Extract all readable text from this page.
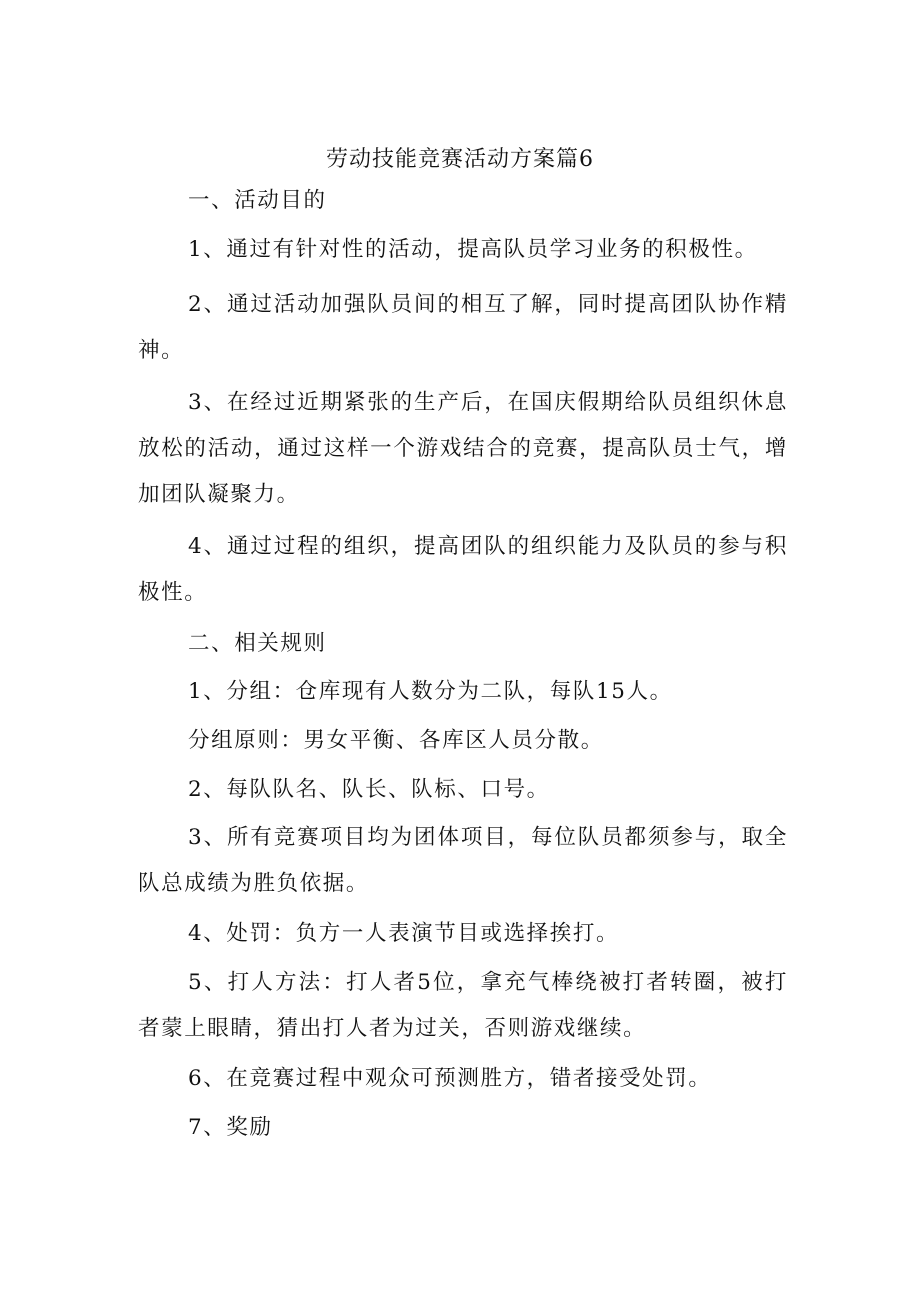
劳动技能竞赛活动方案篇6
一、活动目的
1、通过有针对性的活动，提高队员学习业务的积极性。
2、通过活动加强队员间的相互了解，同时提高团队协作精神。
3、在经过近期紧张的生产后，在国庆假期给队员组织休息放松的活动，通过这样一个游戏结合的竞赛，提高队员士气，增加团队凝聚力。
4、通过过程的组织，提高团队的组织能力及队员的参与积极性。
二、相关规则
1、分组：仓库现有人数分为二队，每队15人。
分组原则：男女平衡、各库区人员分散。
2、每队队名、队长、队标、口号。
3、所有竞赛项目均为团体项目，每位队员都须参与，取全队总成绩为胜负依据。
4、处罚：负方一人表演节目或选择挨打。
5、打人方法：打人者5位，拿充气棒绕被打者转圈，被打者蒙上眼睛，猜出打人者为过关，否则游戏继续。
6、在竞赛过程中观众可预测胜方，错者接受处罚。
7、奖励
